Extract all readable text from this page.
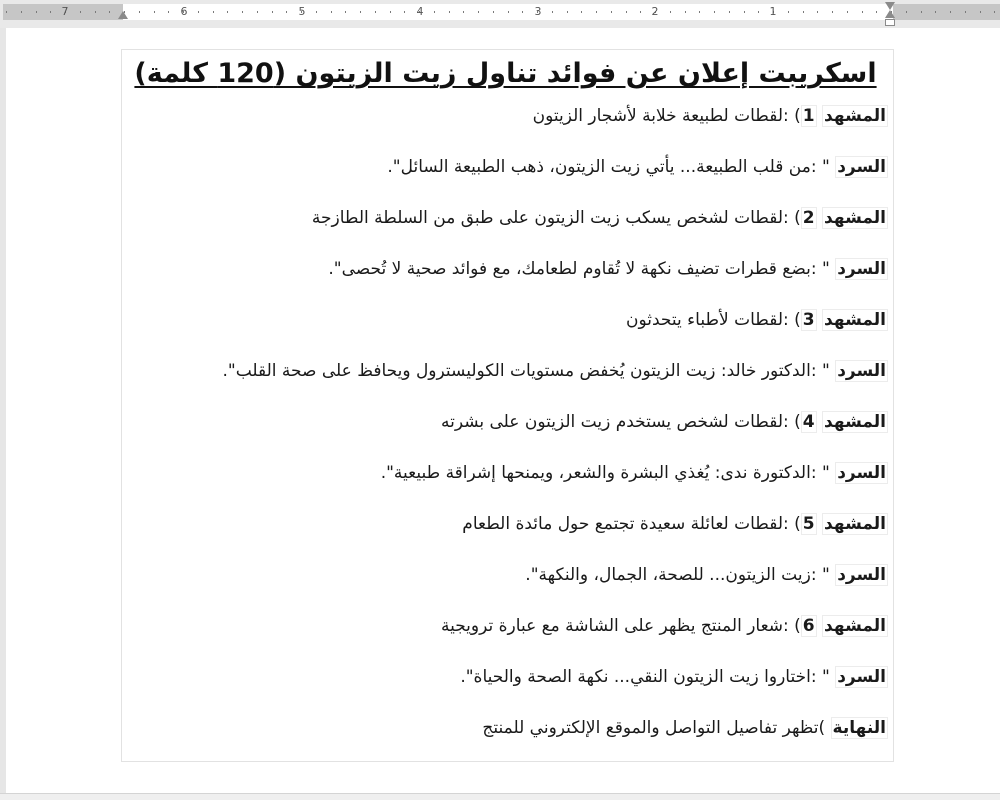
7	6	5	4	3	2	1
اسكريبت إعلان عن فوائد تناول زيت الزيتون (120 كلمة)
المشهد 1) :لقطات لطبيعة خلابة لأشجار الزيتون
السرد " :من قلب الطبيعة... يأتي زيت الزيتون، ذهب الطبيعة السائل".
المشهد 2) :لقطات لشخص يسكب زيت الزيتون على طبق من السلطة الطازجة
السرد " :بضع قطرات تضيف نكهة لا تُقاوم لطعامك، مع فوائد صحية لا تُحصى".
المشهد 3) :لقطات لأطباء يتحدثون
السرد " :الدكتور خالد: زيت الزيتون يُخفض مستويات الكوليسترول ويحافظ على صحة القلب".
المشهد 4) :لقطات لشخص يستخدم زيت الزيتون على بشرته
السرد " :الدكتورة ندى: يُغذي البشرة والشعر، ويمنحها إشراقة طبيعية".
المشهد 5) :لقطات لعائلة سعيدة تجتمع حول مائدة الطعام
السرد " :زيت الزيتون... للصحة، الجمال، والنكهة".
المشهد 6) :شعار المنتج يظهر على الشاشة مع عبارة ترويجية
السرد " :اختاروا زيت الزيتون النقي... نكهة الصحة والحياة".
النهاية )تظهر تفاصيل التواصل والموقع الإلكتروني للمنتج
